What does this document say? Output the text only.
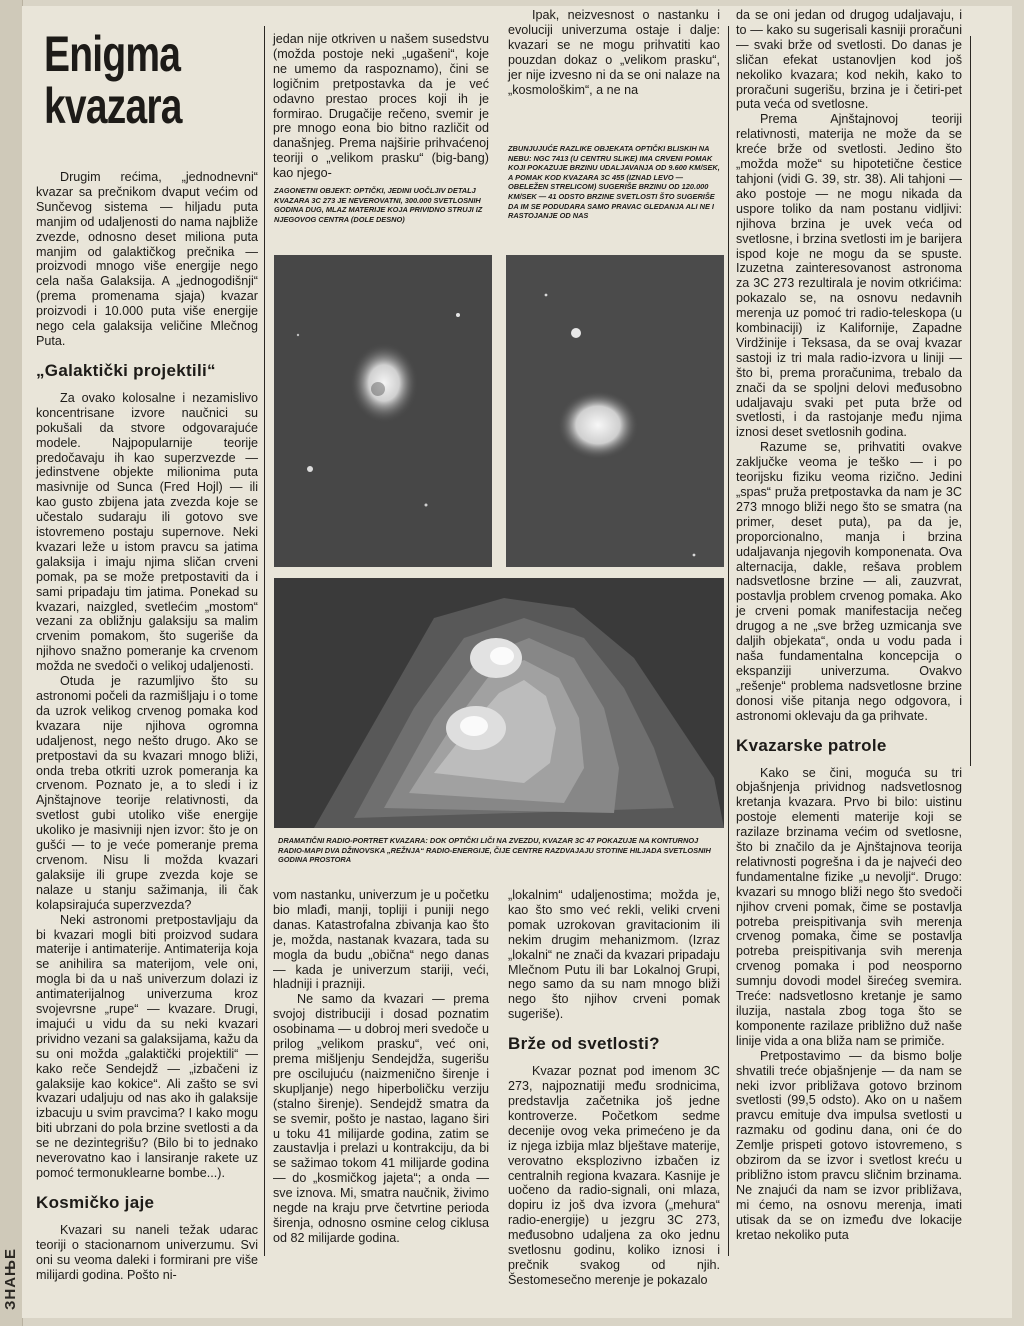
ЗНАЊЕ
Enigma
kvazara

Drugim rećima, „jednodnevni“ kvazar sa prečnikom dvaput većim od Sunčevog sistema — hiljadu puta manjim od udaljenosti do nama najbliže zvezde, odnosno deset miliona puta manjim od galaktičkog prečnika — proizvodi mnogo više energije nego cela naša Galaksija. A „jednogodišnji“ (prema promenama sjaja) kvazar proizvodi i 10.000 puta više energije nego cela galaksija veličine Mlečnog Puta.

„Galaktički projektili“

Za ovako kolosalne i nezamislivo koncentrisane izvore naučnici su pokušali da stvore odgovarajuće modele. Najpopularnije teorije predočavaju ih kao superzvezde — jedinstvene objekte milionima puta masivnije od Sunca (Fred Hojl) — ili kao gusto zbijena jata zvezda koje se učestalo sudaraju ili gotovo sve istovremeno postaju supernove. Neki kvazari leže u istom pravcu sa jatima galaksija i imaju njima sličan crveni pomak, pa se može pretpostaviti da i sami pripadaju tim jatima. Ponekad su kvazari, naizgled, svetlećim „mostom“ vezani za obližnju galaksiju sa malim crvenim pomakom, što sugeriše da njihovo snažno pomeranje ka crvenom možda ne svedoči o velikoj udaljenosti.

Otuda je razumljivo što su astronomi počeli da razmišljaju i o tome da uzrok velikog crvenog pomaka kod kvazara nije njihova ogromna udaljenost, nego nešto drugo. Ako se pretpostavi da su kvazari mnogo bliži, onda treba otkriti uzrok pomeranja ka crvenom. Poznato je, a to sledi i iz Ajnštajnove teorije relativnosti, da svetlost gubi utoliko više energije ukoliko je masivniji njen izvor: što je on gušći — to je veće pomeranje prema crvenom. Nisu li možda kvazari galaksije ili grupe zvezda koje se nalaze u stanju sažimanja, ili čak kolapsirajuća superzvezda?

Neki astronomi pretpostavljaju da bi kvazari mogli biti proizvod sudara materije i antimaterije. Antimaterija koja se anihilira sa materijom, vele oni, mogla bi da u naš univerzum dolazi iz antimaterijalnog univerzuma kroz svojevrsne „rupe“ — kvazare. Drugi, imajući u vidu da su neki kvazari prividno vezani sa galaksijama, kažu da su oni možda „galaktički projektili“ — kako reče Sendejdž — „izbačeni iz galaksije kao kokice“. Ali zašto se svi kvazari udaljuju od nas ako ih galaksije izbacuju u svim pravcima? I kako mogu biti ubrzani do pola brzine svetlosti a da se ne dezintegrišu? (Bilo bi to jednako neverovatno kao i lansiranje rakete uz pomoć termonuklearne bombe...).

Kosmičko jaje

Kvazari su naneli težak udarac teoriji o stacionarnom univerzumu. Svi oni su veoma daleki i formirani pre više milijardi godina. Pošto ni-

jedan nije otkriven u našem susedstvu (možda postoje neki „ugašeni“, koje ne umemo da raspoznamo), čini se logičnim pretpostavka da je već odavno prestao proces koji ih je formirao. Drugačije rečeno, svemir je pre mnogo eona bio bitno različit od današnjeg. Prema najširie prihvaćenoj teoriji o „velikom prasku“ (big-bang) kao njego-

Ipak, neizvesnost o nastanku i evoluciji univerzuma ostaje i dalje: kvazari se ne mogu prihvatiti kao pouzdan dokaz o „velikom prasku“, jer nije izvesno ni da se oni nalaze na „kosmološkim“, a ne na

ZAGONETNI OBJEKT: OPTIČKI, JEDINI UOČLJIV DETALJ KVAZARA 3C 273 JE NEVEROVATNI, 300.000 SVETLOSNIH GODINA DUG, MLAZ MATERIJE KOJA PRIVIDNO STRUJI IZ NJEGOVOG CENTRA (DOLE DESNO)
ZBUNJUJUĆE RAZLIKE OBJEKATA OPTIČKI BLISKIH NA NEBU: NGC 7413 (U CENTRU SLIKE) IMA CRVENI POMAK KOJI POKAZUJE BRZINU UDALJAVANJA OD 9.600 KM/SEK, A POMAK KOD KVAZARA 3C 455 (IZNAD LEVO — OBELEŽEN STRELICOM) SUGERIŠE BRZINU OD 120.000 KM/SEK — 41 ODSTO BRZINE SVETLOSTI ŠTO SUGERIŠE DA IM SE PODUDARA SAMO PRAVAC GLEDANJA ALI NE I RASTOJANJE OD NAS
DRAMATIČNI RADIO-PORTRET KVAZARA: DOK OPTIČKI LIČI NA ZVEZDU, KVAZAR 3C 47 POKAZUJE NA KONTURNOJ RADIO-MAPI DVA DŽINOVSKA „REŽNJA“ RADIO-ENERGIJE, ČIJE CENTRE RAZDVAJAJU STOTINE HILJADA SVETLOSNIH GODINA PROSTORA

vom nastanku, univerzum je u početku bio mlađi, manji, topliji i puniji nego danas. Katastrofalna zbivanja kao što je, možda, nastanak kvazara, tada su mogla da budu „obična“ nego danas — kada je univerzum stariji, veći, hladniji i prazniji.

Ne samo da kvazari — prema svojoj distribuciji i dosad poznatim osobinama — u dobroj meri svedoče u prilog „velikom prasku“, već oni, prema mišljenju Sendejdža, sugerišu pre oscilujuću (naizmenično širenje i skupljanje) nego hiperboličku verziju (stalno širenje). Sendejdž smatra da se svemir, pošto je nastao, lagano širi u toku 41 milijarde godina, zatim se zaustavlja i prelazi u kontrakciju, da bi se sažimao tokom 41 milijarde godina — do „kosmičkog jajeta“; a onda — sve iznova. Mi, smatra naučnik, živimo negde na kraju prve četvrtine perioda širenja, odnosno osmine celog ciklusa od 82 milijarde godina.

„lokalnim“ udaljenostima; možda je, kao što smo već rekli, veliki crveni pomak uzrokovan gravitacionim ili nekim drugim mehanizmom. (Izraz „lokalni“ ne znači da kvazari pripadaju Mlečnom Putu ili bar Lokalnoj Grupi, nego samo da su nam mnogo bliži nego što njihov crveni pomak sugeriše).

Brže od svetlosti?

Kvazar poznat pod imenom 3C 273, najpoznatiji među srodnicima, predstavlja začetnika još jedne kontroverze. Početkom sedme decenije ovog veka primećeno je da iz njega izbija mlaz blještave materije, verovatno eksplozivno izbačen iz centralnih regiona kvazara. Kasnije je uočeno da radio-signali, oni mlaza, dopiru iz još dva izvora („mehura“ radio-energije) u jezgru 3C 273, međusobno udaljena za oko jednu svetlosnu godinu, koliko iznosi i prečnik svakog od njih. Šestomesečno merenje je pokazalo

da se oni jedan od drugog udaljavaju, i to — kako su sugerisali kasniji proračuni — svaki brže od svetlosti. Do danas je sličan efekat ustanovljen kod još nekoliko kvazara; kod nekih, kako to proračuni sugerišu, brzina je i četiri-pet puta veća od svetlosne.

Prema Ajnštajnovoj teoriji relativnosti, materija ne može da se kreće brže od svetlosti. Jedino što „možda može“ su hipotetične čestice tahjoni (vidi G. 39, str. 38). Ali tahjoni — ako postoje — ne mogu nikada da uspore toliko da nam postanu vidljivi: njihova brzina je uvek veća od svetlosne, i brzina svetlosti im je barijera ispod koje ne mogu da se spuste. Izuzetna zainteresovanost astronoma za 3C 273 rezultirala je novim otkrićima: pokazalo se, na osnovu nedavnih merenja uz pomoć tri radio-teleskopa (u kombinaciji) iz Kalifornije, Zapadne Virdžinije i Teksasa, da se ovaj kvazar sastoji iz tri mala radio-izvora u liniji — što bi, prema proračunima, trebalo da znači da se spoljni delovi međusobno udaljavaju svaki pet puta brže od svetlosti, i da rastojanje među njima iznosi deset svetlosnih godina.

Razume se, prihvatiti ovakve zaključke veoma je teško — i po teorijsku fiziku veoma rizično. Jedini „spas“ pruža pretpostavka da nam je 3C 273 mnogo bliži nego što se smatra (na primer, deset puta), pa da je, proporcionalno, manja i brzina udaljavanja njegovih komponenata. Ova alternacija, dakle, rešava problem nadsvetlosne brzine — ali, zauzvrat, postavlja problem crvenog pomaka. Ako je crveni pomak manifestacija nečeg drugog a ne „sve bržeg uzmicanja sve daljih objekata“, onda u vodu pada i naša fundamentalna koncepcija o ekspanziji univerzuma. Ovakvo „rešenje“ problema nadsvetlosne brzine donosi više pitanja nego odgovora, i astronomi oklevaju da ga prihvate.

Kvazarske patrole

Kako se čini, moguća su tri objašnjenja prividnog nadsvetlosnog kretanja kvazara. Prvo bi bilo: uistinu postoje elementi materije koji se razilaze brzinama većim od svetlosne, što bi značilo da je Ajnštajnova teorija relativnosti pogrešna i da je najveći deo fundamentalne fizike „u nevolji“. Drugo: kvazari su mnogo bliži nego što svedoči njihov crveni pomak, čime se postavlja potreba preispitivanja svih merenja crvenog pomaka, čime se postavlja potreba preispitivanja svih merenja crvenog pomaka i pod neosporno sumnju dovodi model širećeg svemira. Treće: nadsvetlosno kretanje je samo iluzija, nastala zbog toga što se komponente razilaze približno duž naše linije vida a ona bliža nam se primiče.

Pretpostavimo — da bismo bolje shvatili treće objašnjenje — da nam se neki izvor približava gotovo brzinom svetlosti (99,5 odsto). Ako on u našem pravcu emituje dva impulsa svetlosti u razmaku od godinu dana, oni će do Zemlje prispeti gotovo istovremeno, s obzirom da se izvor i svetlost kreću u približno istom pravcu sličnim brzinama. Ne znajući da nam se izvor približava, mi ćemo, na osnovu merenja, imati utisak da se on između dve lokacije kretao nekoliko puta
